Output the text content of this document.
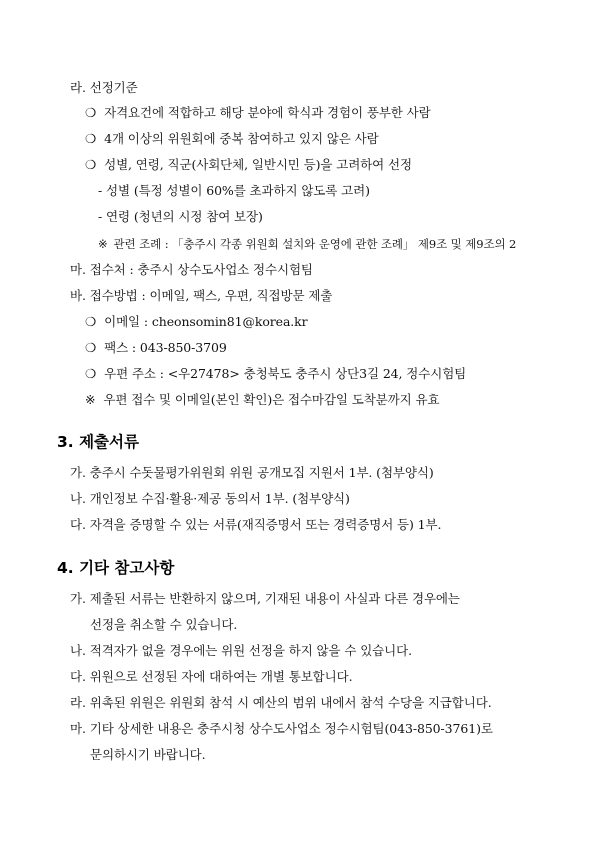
라. 선정기준
❍ 자격요건에 적합하고 해당 분야에 학식과 경험이 풍부한 사람
❍ 4개 이상의 위원회에 중복 참여하고 있지 않은 사람
❍ 성별, 연령, 직군(사회단체, 일반시민 등)을 고려하여 선정
- 성별 (특정 성별이 60%를 초과하지 않도록 고려)
- 연령 (청년의 시정 참여 보장)
※ 관련 조례 : 「충주시 각종 위원회 설치와 운영에 관한 조례」 제9조 및 제9조의 2
마. 접수처 : 충주시 상수도사업소 정수시험팀
바. 접수방법 : 이메일, 팩스, 우편, 직접방문 제출
❍ 이메일 : cheonsomin81@korea.kr
❍ 팩스 : 043-850-3709
❍ 우편 주소 : <우27478> 충청북도 충주시 상단3길 24, 정수시험팀
※ 우편 접수 및 이메일(본인 확인)은 접수마감일 도착분까지 유효
3. 제출서류
가. 충주시 수돗물평가위원회 위원 공개모집 지원서 1부. (첨부양식)
나. 개인정보 수집·활용·제공 동의서 1부. (첨부양식)
다. 자격을 증명할 수 있는 서류(재직증명서 또는 경력증명서 등) 1부.
4. 기타 참고사항
가. 제출된 서류는 반환하지 않으며, 기재된 내용이 사실과 다른 경우에는
선정을 취소할 수 있습니다.
나. 적격자가 없을 경우에는 위원 선정을 하지 않을 수 있습니다.
다. 위원으로 선정된 자에 대하여는 개별 통보합니다.
라. 위촉된 위원은 위원회 참석 시 예산의 범위 내에서 참석 수당을 지급합니다.
마. 기타 상세한 내용은 충주시청 상수도사업소 정수시험팀(043-850-3761)로
문의하시기 바랍니다.
